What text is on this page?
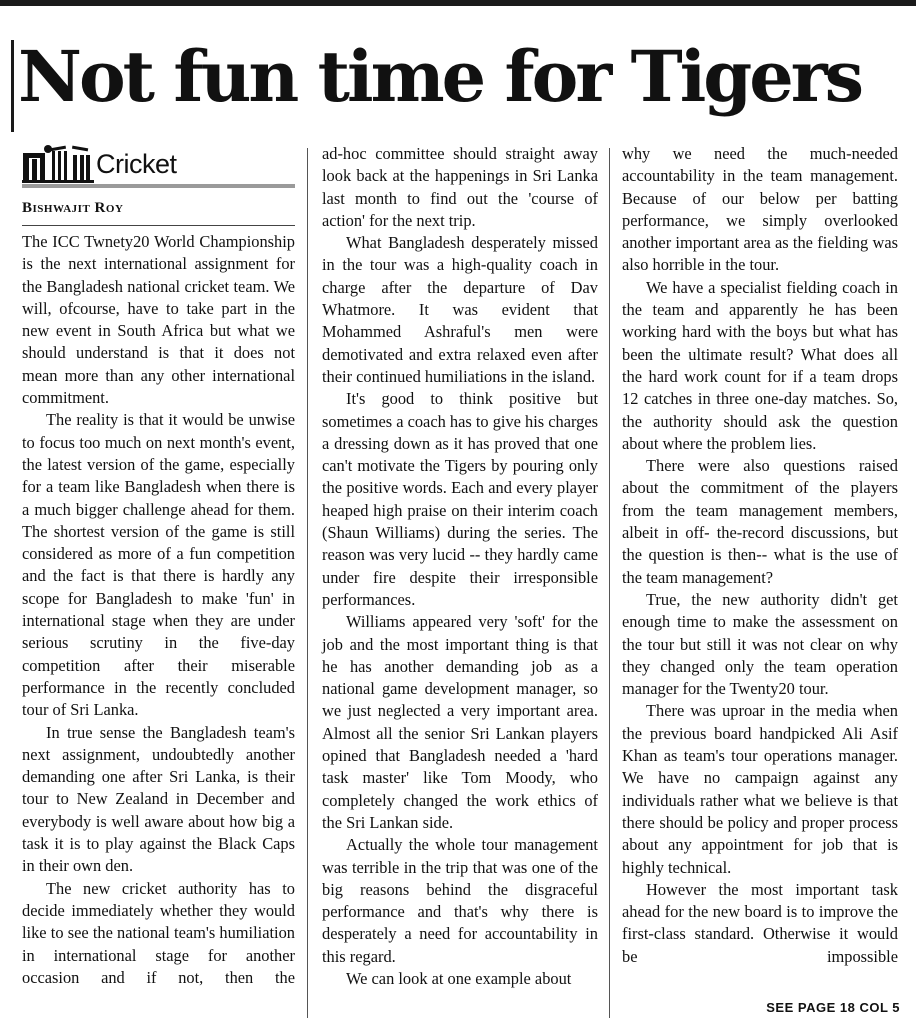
Not fun time for Tigers
Cricket
Bishwajit Roy

The ICC Twnety20 World Championship is the next international assignment for the Bangladesh national cricket team. We will, ofcourse, have to take part in the new event in South Africa but what we should understand is that it does not mean more than any other international commitment.

The reality is that it would be unwise to focus too much on next month's event, the latest version of the game, especially for a team like Bangladesh when there is a much bigger challenge ahead for them. The shortest version of the game is still considered as more of a fun competition and the fact is that there is hardly any scope for Bangladesh to make 'fun' in international stage when they are under serious scrutiny in the five-day competition after their miserable performance in the recently concluded tour of Sri Lanka.

In true sense the Bangladesh team's next assignment, undoubtedly another demanding one after Sri Lanka, is their tour to New Zealand in December and everybody is well aware about how big a task it is to play against the Black Caps in their own den.

The new cricket authority has to decide immediately whether they would like to see the national team's humiliation in international stage for another occasion and if not, then the

ad-hoc committee should straight away look back at the happenings in Sri Lanka last month to find out the 'course of action' for the next trip.

What Bangladesh desperately missed in the tour was a high-quality coach in charge after the departure of Dav Whatmore. It was evident that Mohammed Ashraful's men were demotivated and extra relaxed even after their continued humiliations in the island.

It's good to think positive but sometimes a coach has to give his charges a dressing down as it has proved that one can't motivate the Tigers by pouring only the positive words. Each and every player heaped high praise on their interim coach (Shaun Williams) during the series. The reason was very lucid -- they hardly came under fire despite their irresponsible performances.

Williams appeared very 'soft' for the job and the most important thing is that he has another demanding job as a national game development manager, so we just neglected a very important area. Almost all the senior Sri Lankan players opined that Bangladesh needed a 'hard task master' like Tom Moody, who completely changed the work ethics of the Sri Lankan side.

Actually the whole tour management was terrible in the trip that was one of the big reasons behind the disgraceful performance and that's why there is desperately a need for accountability in this regard.

We can look at one example about

why we need the much-needed accountability in the team management. Because of our below per batting performance, we simply overlooked another important area as the fielding was also horrible in the tour.

We have a specialist fielding coach in the team and apparently he has been working hard with the boys but what has been the ultimate result? What does all the hard work count for if a team drops 12 catches in three one-day matches. So, the authority should ask the question about where the problem lies.

There were also questions raised about the commitment of the players from the team management members, albeit in off- the-record discussions, but the question is then-- what is the use of the team management?

True, the new authority didn't get enough time to make the assessment on the tour but still it was not clear on why they changed only the team operation manager for the Twenty20 tour.

There was uproar in the media when the previous board handpicked Ali Asif Khan as team's tour operations manager. We have no campaign against any individuals rather what we believe is that there should be policy and proper process about any appointment for job that is highly technical.

However the most important task ahead for the new board is to improve the first-class standard. Otherwise it would be impossible

SEE PAGE 18 COL 5
